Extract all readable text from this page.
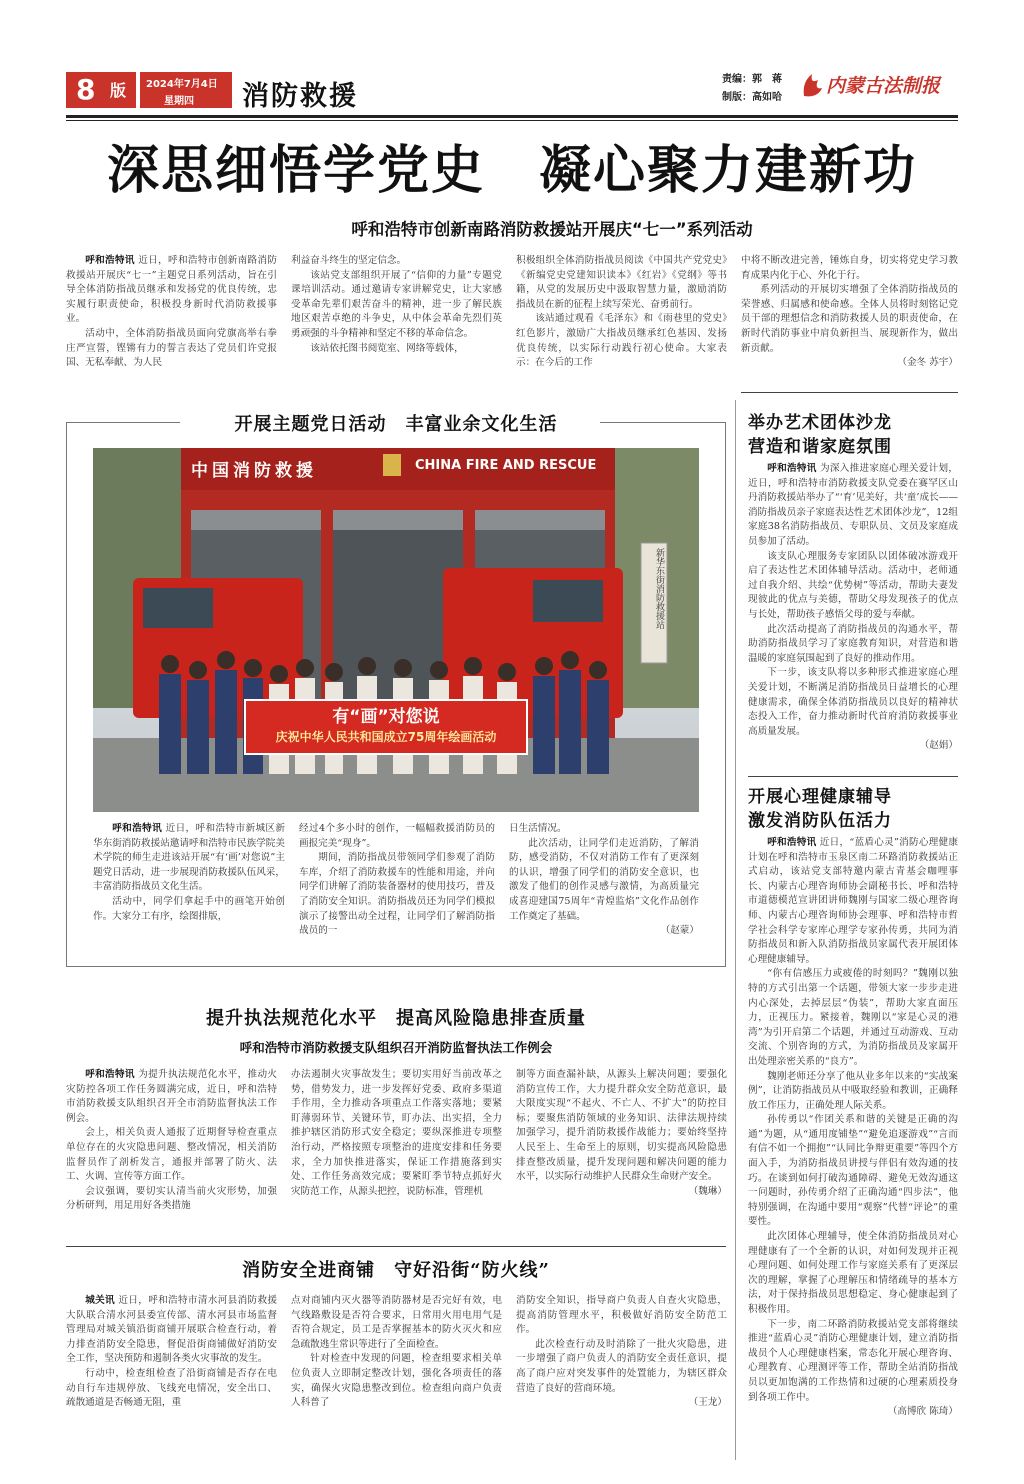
8 版 2024年7月4日
星期四 消防救援
责编：郭　蒋
制版：高如哈
内蒙古法制报
深思细悟学党史　凝心聚力建新功
呼和浩特市创新南路消防救援站开展庆“七一”系列活动

呼和浩特讯 近日，呼和浩特市创新南路消防救援站开展庆“七一”主题党日系列活动，旨在引导全体消防指战员继承和发扬党的优良传统，忠实履行职责使命，积极投身新时代消防救援事业。

活动中，全体消防指战员面向党旗高举右拳庄严宣誓，铿锵有力的誓言表达了党员们许党报国、无私奉献、为人民

利益奋斗终生的坚定信念。

该站党支部组织开展了“信仰的力量”专题党课培训活动。通过邀请专家讲解党史，让大家感受革命先辈们艰苦奋斗的精神，进一步了解民族地区艰苦卓绝的斗争史，从中体会革命先烈们英勇顽强的斗争精神和坚定不移的革命信念。

该站依托图书阅览室、网络等载体，

积极组织全体消防指战员阅读《中国共产党党史》《新编党史党建知识读本》《红岩》《党纲》等书籍，从党的发展历史中汲取智慧力量，激励消防指战员在新的征程上续写荣光、奋勇前行。

该站通过观看《毛泽东》和《雨巷里的党史》红色影片，激励广大指战员继承红色基因、发扬优良传统，以实际行动践行初心使命。大家表示：在今后的工作

中将不断改进完善，锤炼自身，切实将党史学习教育成果内化于心、外化于行。

系列活动的开展切实增强了全体消防指战员的荣誉感、归属感和使命感。全体人员将时刻铭记党员干部的理想信念和消防救援人员的职责使命，在新时代消防事业中肩负新担当、展现新作为，做出新贡献。

（金冬 苏宇）
开展主题党日活动　丰富业余文化生活
中国消防救援	CHINA FIRE AND RESCUE
有“画”对您说
庆祝中华人民共和国成立75周年绘画活动
新华东街消防救援站

呼和浩特讯 近日，呼和浩特市新城区新华东街消防救援站邀请呼和浩特市民族学院美术学院的师生走进该站开展“有‘画’对您说”主题党日活动，进一步展现消防救援队伍风采，丰富消防指战员文化生活。

活动中，同学们拿起手中的画笔开始创作。大家分工有序，绘图排版，

经过4个多小时的创作，一幅幅救援消防员的画报完美“现身”。

期间，消防指战员带领同学们参观了消防车库，介绍了消防救援车的性能和用途，并向同学们讲解了消防装备器材的使用技巧，普及了消防安全知识。消防指战员还为同学们模拟演示了接警出动全过程，让同学们了解消防指战员的一

日生活情况。

此次活动，让同学们走近消防，了解消防，感受消防，不仅对消防工作有了更深刻的认识，增强了同学们的消防安全意识，也激发了他们的创作灵感与激情，为高质量完成喜迎建国75周年“青煌监焰”文化作品创作工作奠定了基础。

（赵蒙）
提升执法规范化水平　提高风险隐患排查质量
呼和浩特市消防救援支队组织召开消防监督执法工作例会

呼和浩特讯 为提升执法规范化水平，推动火灾防控各项工作任务圆满完成，近日，呼和浩特市消防救援支队组织召开全市消防监督执法工作例会。

会上，相关负责人通报了近期督导检查重点单位存在的火灾隐患问题、整改情况，相关消防监督员作了剖析发言，通报并部署了防火、法工、火调、宣传等方面工作。

会议强调，要切实认清当前火灾形势，加强分析研判，用足用好各类措施

办法遏制火灾事故发生；要切实用好当前改革之势，借势发力，进一步发挥好党委、政府多渠道手作用，全力推动各项重点工作落实落地；要紧盯薄弱环节、关键环节，盯办法、出实招，全力推护辖区消防形式安全稳定；要纵深推进专项整治行动，严格按照专项整治的进度安排和任务要求，全力加快推进落实，保证工作措施落到实处、工作任务高效完成；要紧盯季节特点抓好火灾防范工作，从源头把控，说防标准，管理机

制等方面查漏补缺，从源头上解决问题；要强化消防宣传工作，大力提升群众安全防范意识，最大限度实现“不起火、不亡人、不扩大”的防控目标；要聚焦消防领域的业务知识、法律法规持续加强学习，提升消防救援作战能力；要始终坚持人民至上、生命至上的原则，切实提高风险隐患排查整改质量，提升发现问题和解决问题的能力水平，以实际行动维护人民群众生命财产安全。

（魏琳）
消防安全进商铺　守好沿街“防火线”

城关讯 近日，呼和浩特市清水河县消防救援大队联合清水河县委宣传部、清水河县市场监督管理局对城关镇沿街商铺开展联合检查行动，着力排查消防安全隐患，督促沿街商铺做好消防安全工作，坚决预防和遏制各类火灾事故的发生。

行动中，检查组检查了沿街商铺是否存在电动自行车违规停放、飞线充电情况，安全出口、疏散通道是否畅通无阻，重

点对商铺内灭火器等消防器材是否完好有效，电气线路敷设是否符合要求，日常用火用电用气是否符合规定，员工是否掌握基本的防火灭火和应急疏散逃生常识等进行了全面检查。

针对检查中发现的问题，检查组要求相关单位负责人立即制定整改计划，强化各项责任的落实，确保火灾隐患整改到位。检查组向商户负责人科普了

消防安全知识，指导商户负责人自查火灾隐患，提高消防管理水平，积极做好消防安全防范工作。

此次检查行动及时消除了一批火灾隐患，进一步增强了商户负责人的消防安全责任意识，提高了商户应对突发事件的处置能力，为辖区群众营造了良好的营商环境。

（王龙）
举办艺术团体沙龙
营造和谐家庭氛围

呼和浩特讯 为深入推进家庭心理关爱计划，近日，呼和浩特市消防救援支队党委在赛罕区山丹消防救援站举办了“‘育’见美好，共‘童’成长——消防指战员亲子家庭表达性艺术团体沙龙”，12组家庭38名消防指战员、专职队员、文员及家庭成员参加了活动。

该支队心理服务专家团队以团体破冰游戏开启了表达性艺术团体辅导活动。活动中，老师通过自我介绍、共绘“优势树”等活动，帮助夫妻发现彼此的优点与美德，帮助父母发现孩子的优点与长处，帮助孩子感悟父母的爱与奉献。

此次活动提高了消防指战员的沟通水平，帮助消防指战员学习了家庭教育知识，对营造和谐温暖的家庭氛围起到了良好的推动作用。

下一步，该支队将以多种形式推进家庭心理关爱计划，不断满足消防指战员日益增长的心理健康需求，确保全体消防指战员以良好的精神状态投入工作，奋力推动新时代首府消防救援事业高质量发展。

（赵娟）
开展心理健康辅导
激发消防队伍活力

呼和浩特讯 近日，“蓝盾心灵”消防心理健康计划在呼和浩特市玉泉区南二环路消防救援站正式启动，该站党支部特邀内蒙古青基会咖哩事长、内蒙古心理咨询师协会副秘书长、呼和浩特市道德模范宣讲团讲师魏刚与国家二级心理咨询师、内蒙古心理咨询师协会理事、呼和浩特市哲学社会科学专家库心理学专家孙传勇，共同为消防指战员和新入队消防指战员家属代表开展团体心理健康辅导。

“你有信感压力或疲倦的时刻吗？”魏刚以独特的方式引出第一个话题，带领大家一步步走进内心深处，去掉层层“伪装”，帮助大家直面压力，正视压力。紧接着，魏刚以“家是心灵的港湾”为引开启第二个话题，并通过互动游戏、互动交流、个别咨询的方式，为消防指战员及家属开出处理亲密关系的“良方”。

魏刚老师还分享了他从业多年以来的“实战案例”，让消防指战员从中吸取经验和教训，正确释放工作压力，正确处理人际关系。

孙传勇以“作团关系和谐的关键是正确的沟通”为题，从“通用度铺垫”“避免追逐游戏”“言而有信不如一个拥抱”“认同比争辩更重要”等四个方面入手，为消防指战员讲授与伴侣有效沟通的技巧。在谈到如何打破沟通障碍、避免无效沟通这一问题时，孙传勇介绍了正确沟通“四步法”，他特别强调，在沟通中要用“观察”代替“评论”的重要性。

此次团体心理辅导，使全体消防指战员对心理健康有了一个全新的认识，对如何发现并正视心理问题、如何处理工作与家庭关系有了更深层次的理解，掌握了心理解压和情绪疏导的基本方法，对于保持指战员思想稳定、身心健康起到了积极作用。

下一步，南二环路消防救援站党支部将继续推进“蓝盾心灵”消防心理健康计划，建立消防指战员个人心理健康档案，常态化开展心理咨询、心理教育、心理测评等工作，帮助全站消防指战员以更加饱满的工作热情和过硬的心理素质投身到各项工作中。

（高博欣 陈琦）
